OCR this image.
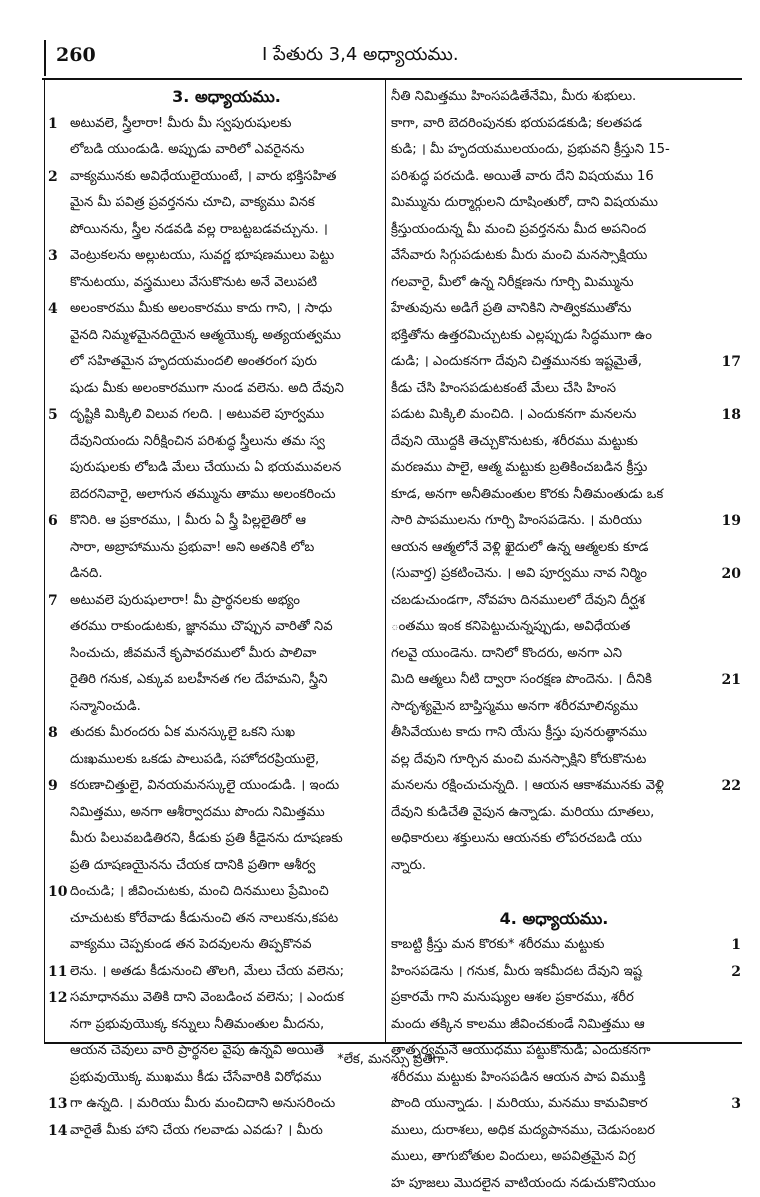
260	I పేతురు 3,4 అధ్యాయము.
3. అధ్యాయము.
1 అటువలె, స్త్రీలారా! మీరు మీ స్వపురుషులకు
లోబడి యుండుడి. అప్పుడు వారిలో ఎవరైనను
2 వాక్యమునకు అవిధేయులైయుంటే, । వారు భక్తిసహిత
మైన మీ పవిత్ర ప్రవర్తనను చూచి, వాక్యము వినక
పోయినను, స్త్రీల నడవడి వల్ల రాబట్టబడవచ్చును. ।
3 వెంట్రుకలను అల్లుటయు, సువర్ణ భూషణములు పెట్టు
కొనుటయు, వస్త్రములు వేసుకొనుట అనే వెలుపటి
4 అలంకారము మీకు అలంకారము కాదు గాని, । సాధు
వైనది నిమ్మళమైనదియైన ఆత్మయొక్క అత్యయత్వము
లో సహితమైన హృదయమందలి అంతరంగ పురు
షుడు మీకు అలంకారముగా నుండ వలెను. అది దేవుని
5 దృష్టికి మిక్కిలి విలువ గలది. । అటువలె పూర్వము
దేవునియందు నిరీక్షించిన పరిశుద్ధ స్త్రీలును తమ స్వ
పురుషులకు లోబడి మేలు చేయుచు ఏ భయమువలన
బెదరనివారై, అలాగున తమ్మును తాము అలంకరించు
6 కొనిరి. ఆ ప్రకారము, । మీరు ఏ స్త్రీ పిల్లలైతిరో ఆ
సారా, అబ్రాహామును ప్రభువా! అని అతనికి లోబ
డినది.
7 అటువలె పురుషులారా! మీ ప్రార్థనలకు అభ్యం
తరము రాకుండుటకు, జ్ఞానము చొప్పున వారితో నివ
సించుచు, జీవమనే కృపావరములో మీరు పాలివా
రైతిరి గనుక, ఎక్కువ బలహీనత గల దేహమని, స్త్రీని
సన్మానించుడి.
8 తుదకు మీరందరు ఏక మనస్కులై ఒకని సుఖ
దుఃఖములకు ఒకడు పాలుపడి, సహోదరప్రియులై,
9 కరుణాచిత్తులై, వినయమనస్కులై యుండుడి. । ఇందు
నిమిత్తము, అనగా ఆశీర్వాదము పొందు నిమిత్తము
మీరు పిలువబడితిరని, కీడుకు ప్రతి కీడైనను దూషణకు
ప్రతి దూషణయైనను చేయక దానికి ప్రతిగా ఆశీర్వ
10 దించుడి; । జీవించుటకు, మంచి దినములు ప్రేమించి
చూచుటకు కోరేవాడు కీడునుంచి తన నాలుకను,కపట
వాక్యము చెప్పకుండ తన పెదవులను తిప్పకొనవ
11 లెను. । అతడు కీడునుంచి తొలగి, మేలు చేయ వలెను;
12 సమాధానము వెతికి దాని వెంబడించ వలెను; । ఎందుక
నగా ప్రభువుయొక్క కన్నులు నీతిమంతుల మీదను,
ఆయన చెవులు వారి ప్రార్థనల వైపు ఉన్నవి అయితే
ప్రభువుయొక్క ముఖము కీడు చేసేవారికి విరోధము
13 గా ఉన్నది. । మరియు మీరు మంచిదాని అనుసరించు
14 వారైతే మీకు హాని చేయ గలవాడు ఎవడు? । మీరు
నీతి నిమిత్తము హింసపడితేనేమి, మీరు శుభులు.
కాగా, వారి బెదరింపునకు భయపడకుడి; కలతపడ
కుడి; । మీ హృదయములయందు, ప్రభువని క్రీస్తుని 15-
పరిశుద్ధ పరచుడి. అయితే వారు దేని విషయము 16
మిమ్మును దుర్మార్గులని దూషింతురో, దాని విషయము
క్రీస్తుయందున్న మీ మంచి ప్రవర్తనను మీద అపనింద
వేసేవారు సిగ్గుపడుటకు మీరు మంచి మనస్సాక్షియు
గలవారై, మీలో ఉన్న నిరీక్షణను గూర్చి మిమ్మును
హేతువును అడిగే ప్రతి వానికిని సాత్వికముతోను
భక్తితోను ఉత్తరమిచ్చుటకు ఎల్లప్పుడు సిద్ధముగా ఉం
17
డుడి; । ఎందుకనగా దేవుని చిత్తమునకు ఇష్టమైతే,
కీడు చేసి హింసపడుటకంటే మేలు చేసి హింస
18
పడుట మిక్కిలి మంచిది. । ఎందుకనగా మనలను
దేవుని యొద్దకి తెచ్చుకొనుటకు, శరీరము మట్టుకు
మరణము పాలై, ఆత్మ మట్టుకు బ్రతికించబడిన క్రీస్తు
కూడ, అనగా అనీతిమంతుల కొరకు నీతిమంతుడు ఒక
19
సారి పాపములను గూర్చి హింసపడెను. । మరియు
ఆయన ఆత్మలోనే వెళ్లి ఖైదులో ఉన్న ఆత్మలకు కూడ
20
(సువార్త) ప్రకటించెను. । అవి పూర్వము నావ నిర్మిం
చబడుచుండగా, నోవహు దినములలో దేవుని దీర్ఘశ
ంతము ఇంక కనిపెట్టుచున్నప్పుడు, అవిధేయత
గలవై యుండెను. దానిలో కొందరు, అనగా ఎని
21
మిది ఆత్మలు నీటి ద్వారా సంరక్షణ పొందెను. । దీనికి
సాదృశ్యమైన బాప్తిస్మము అనగా శరీరమాలిన్యము
తీసివేయుట కాదు గాని యేసు క్రీస్తు పునరుత్థానము
వల్ల దేవుని గూర్చిన మంచి మనస్సాక్షిని కోరుకొనుట
22
మనలను రక్షించుచున్నది. । ఆయన ఆకాశమునకు వెళ్లి
దేవుని కుడిచేతి వైపున ఉన్నాడు. మరియు దూతలు,
అధికారులు శక్తులును ఆయనకు లోపరచబడి యు
న్నారు.
4. అధ్యాయము.
1
కాబట్టి క్రీస్తు మన కొరకు* శరీరము మట్టుకు
2
హింసపడెను । గనుక, మీరు ఇకమీదట దేవుని ఇష్ట
ప్రకారమే గాని మనుష్యుల ఆశల ప్రకారము, శరీర
మందు తక్కిన కాలము జీవించకుండే నిమిత్తము ఆ
తాత్పర్యమనే ఆయుధము పట్టుకొనుడి; ఎందుకనగా
శరీరము మట్టుకు హింసపడిన ఆయన పాప విముక్తి
3
పొంది యున్నాడు. । మరియు, మనము కామవికార
ములు, దురాశలు, అధిక మద్యపానము, చెడుసంబర
ములు, తాగుబోతుల విందులు, అపవిత్రమైన విగ్ర
హ పూజలు మొదలైన వాటియందు నడుచుకొనియుం
*లేక, మనస్సు ప్రతిగా.
